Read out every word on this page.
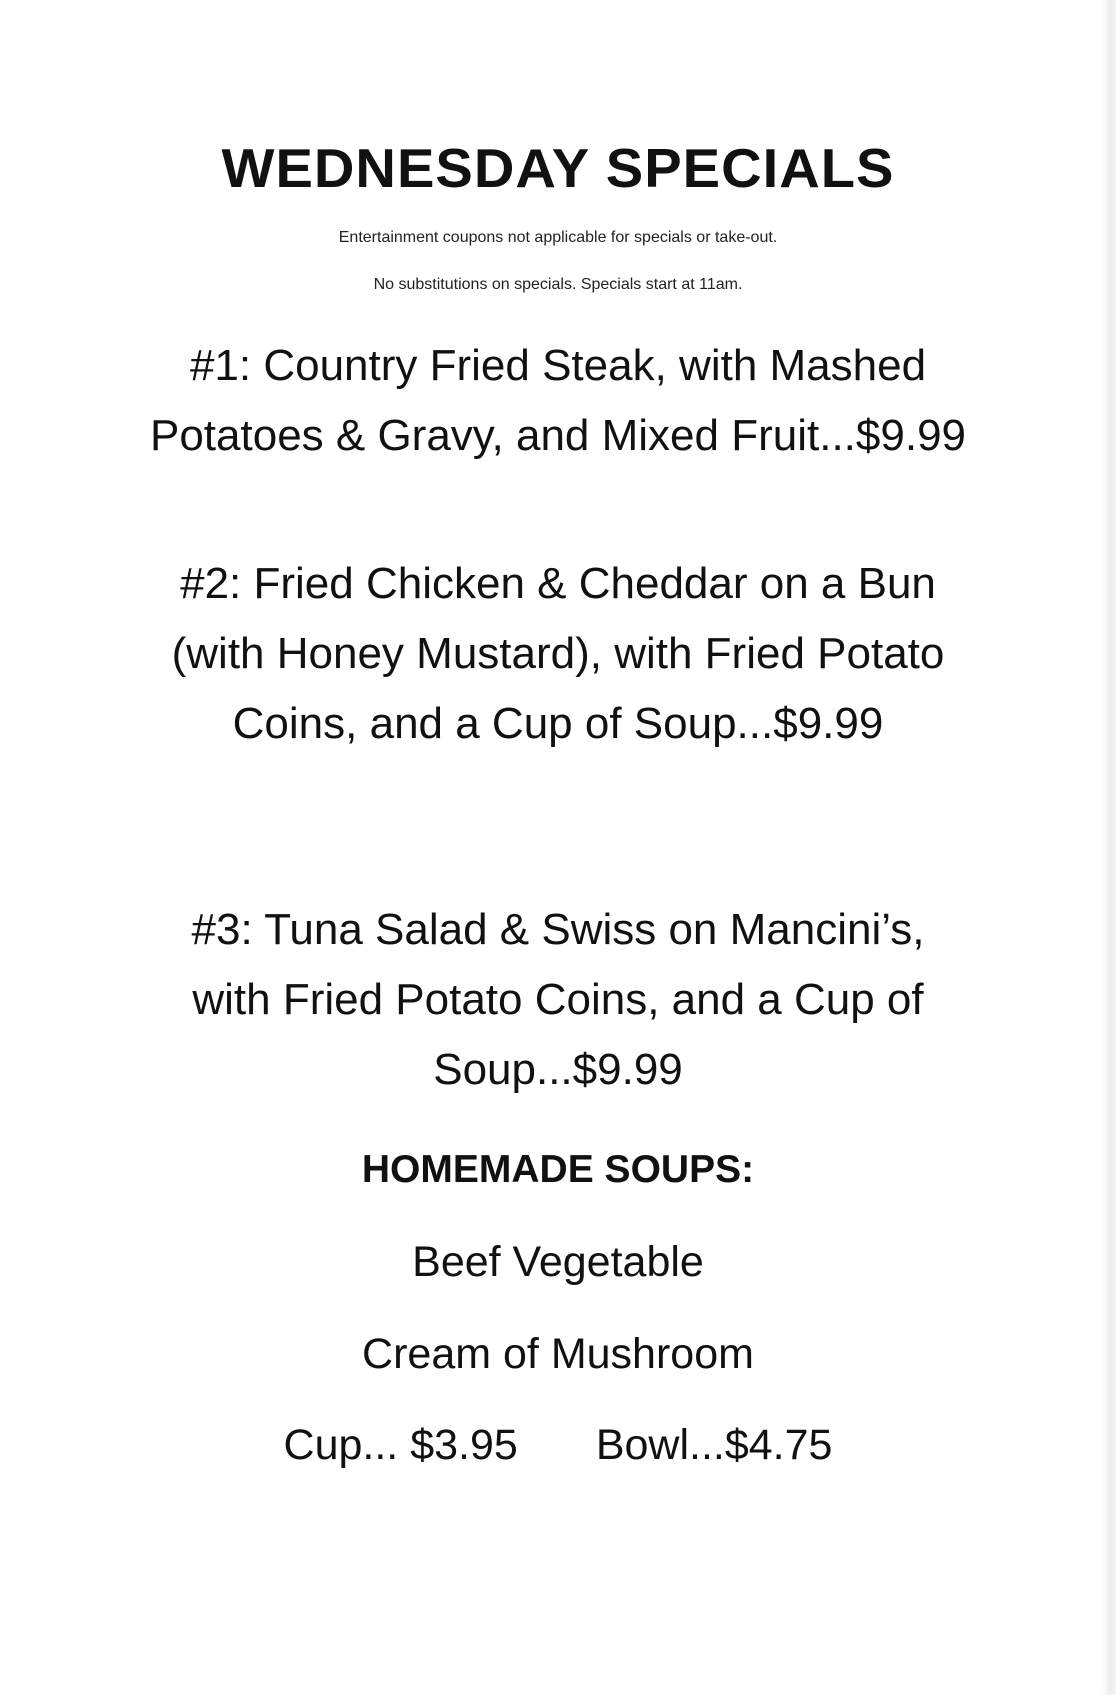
WEDNESDAY SPECIALS
Entertainment coupons not applicable for specials or take-out.
No substitutions on specials. Specials start at 11am.
#1: Country Fried Steak, with Mashed
Potatoes & Gravy, and Mixed Fruit...$9.99
#2: Fried Chicken & Cheddar on a Bun
(with Honey Mustard), with Fried Potato
Coins, and a Cup of Soup...$9.99
#3: Tuna Salad & Swiss on Mancini’s,
with Fried Potato Coins, and a Cup of
Soup...$9.99
HOMEMADE SOUPS:
Beef Vegetable
Cream of Mushroom
Cup... $3.95 Bowl...$4.75
